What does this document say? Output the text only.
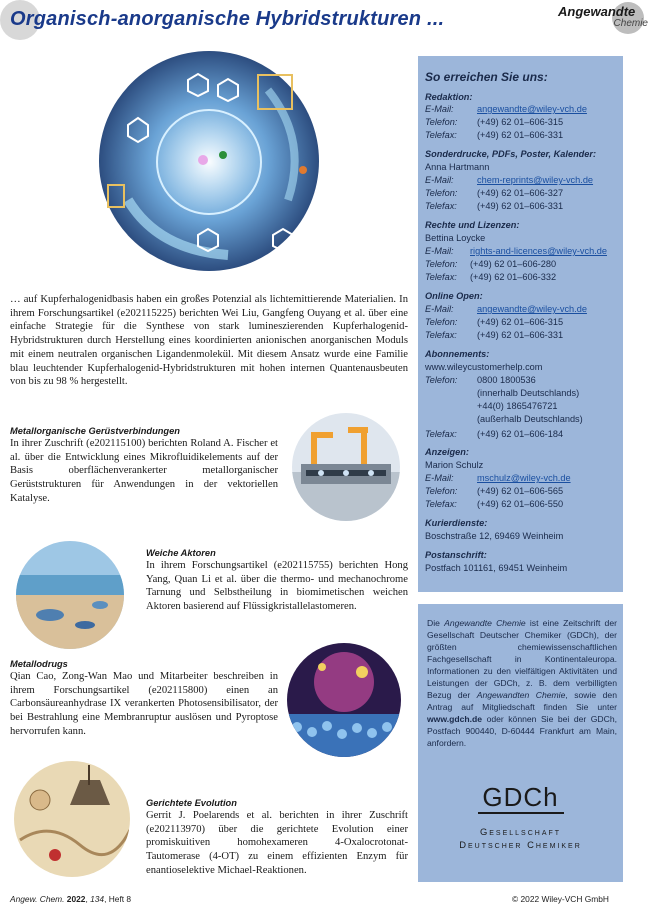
Organisch-anorganische Hybridstrukturen ...	Angewandte
Chemie
… auf Kupferhalogenidbasis haben ein großes Potenzial als lichtemittierende Materialien. In ihrem Forschungsartikel (e202115225) berichten Wei Liu, Gangfeng Ouyang et al. über eine einfache Strategie für die Synthese von stark lumineszierenden Kupferhalogenid-Hybridstrukturen durch Herstellung eines koordinierten anionischen anorganischen Moduls mit einem neutralen organischen Ligandenmolekül. Mit diesem Ansatz wurde eine Familie blau leuchtender Kupferhalogenid-Hybridstrukturen mit hohen internen Quantenausbeuten von bis zu 98 % hergestellt.
Metallorganische Gerüstverbindungen
In ihrer Zuschrift (e202115100) berichten Roland A. Fischer et al. über die Entwicklung eines Mikrofluidikelements auf der Basis oberflächenverankerter metallorganischer Gerüststrukturen für Anwendungen in der vektoriellen Katalyse.
Weiche Aktoren
In ihrem Forschungsartikel (e202115755) berichten Hong Yang, Quan Li et al. über die thermo- und mechanochrome Tarnung und Selbstheilung in biomimetischen weichen Aktoren basierend auf Flüssigkristallelastomeren.
Metallodrugs
Qian Cao, Zong-Wan Mao und Mitarbeiter beschreiben in ihrem Forschungsartikel (e202115800) einen an Carbonsäureanhydrase IX verankerten Photosensibilisator, der bei Bestrahlung eine Membranruptur auslösen und Pyroptose hervorrufen kann.
Gerichtete Evolution
Gerrit J. Poelarends et al. berichten in ihrer Zuschrift (e202113970) über die gerichtete Evolution einer promiskuitiven homohexameren 4-Oxalocrotonat-Tautomerase (4-OT) zu einem effizienten Enzym für enantioselektive Michael-Reaktionen.
So erreichen Sie uns:
Redaktion:
E-Mail:	angewandte@wiley-vch.de
Telefon: (+49) 62 01–606-315
Telefax: (+49) 62 01–606-331
Sonderdrucke, PDFs, Poster, Kalender:
Anna Hartmann
E-Mail:	chem-reprints@wiley-vch.de
Telefon: (+49) 62 01–606-327
Telefax: (+49) 62 01–606-331
Rechte und Lizenzen:
Bettina Loycke
E-Mail: rights-and-licences@wiley-vch.de
Telefon: (+49) 62 01–606-280
Telefax: (+49) 62 01–606-332
Online Open:
E-Mail:	angewandte@wiley-vch.de
Telefon: (+49) 62 01–606-315
Telefax: (+49) 62 01–606-331
Abonnements:
www.wileycustomerhelp.com
Telefon: 0800 1800536
(innerhalb Deutschlands)
+44(0) 1865476721
(außerhalb Deutschlands)
Telefax: (+49) 62 01–606-184
Anzeigen:
Marion Schulz
E-Mail:	mschulz@wiley-vch.de
Telefon: (+49) 62 01–606-565
Telefax: (+49) 62 01–606-550
Kurierdienste:
Boschstraße 12, 69469 Weinheim
Postanschrift:
Postfach 101161, 69451 Weinheim
Die Angewandte Chemie ist eine Zeitschrift der Gesellschaft Deutscher Chemiker (GDCh), der größten chemiewissenschaftlichen Fachgesellschaft in Kontinentaleuropa. Informationen zu den vielfältigen Aktivitäten und Leistungen der GDCh, z. B. dem verbilligten Bezug der Angewandten Chemie, sowie den Antrag auf Mitgliedschaft finden Sie unter www.gdch.de oder können Sie bei der GDCh, Postfach 900440, D-60444 Frankfurt am Main, anfordern.
GDCh
Gesellschaft
Deutscher Chemiker
Angew. Chem. 2022, 134, Heft 8	© 2022 Wiley-VCH GmbH
